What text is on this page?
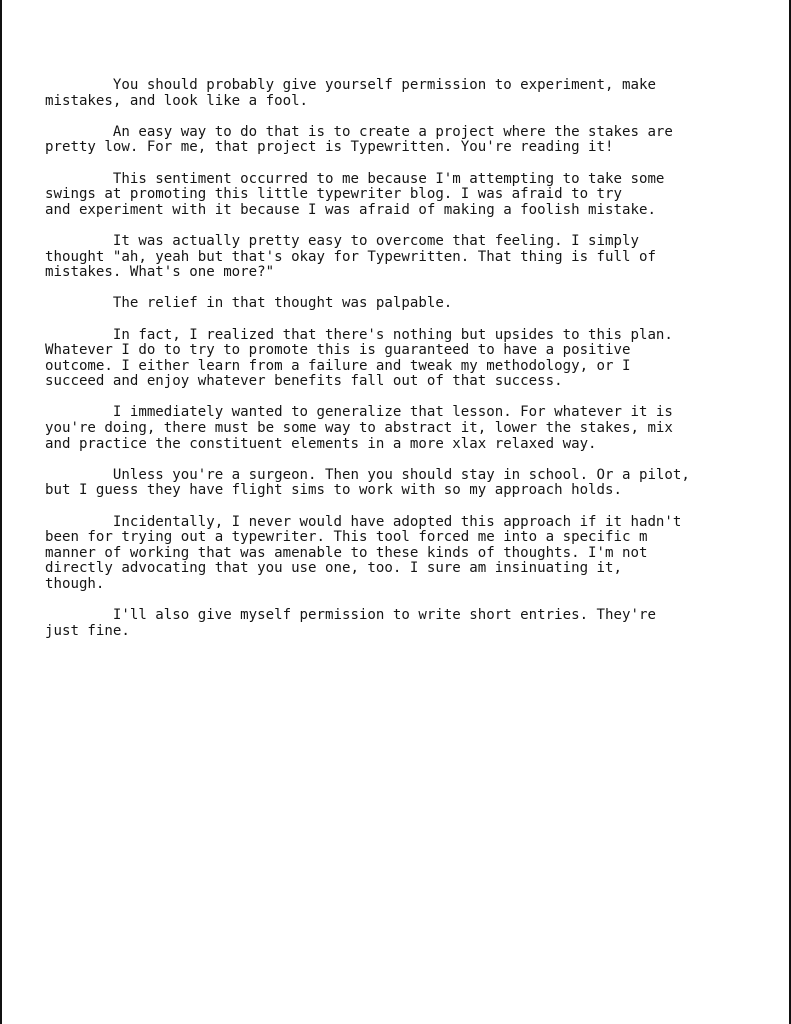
You should probably give yourself permission to experiment, make
mistakes, and look like a fool.

An easy way to do that is to create a project where the stakes are
pretty low. For me, that project is Typewritten. You're reading it!

This sentiment occurred to me because I'm attempting to take some
swings at promoting this little typewriter blog. I was afraid to try
and experiment with it because I was afraid of making a foolish mistake.

It was actually pretty easy to overcome that feeling. I simply
thought "ah, yeah but that's okay for Typewritten. That thing is full of
mistakes. What's one more?"

The relief in that thought was palpable.

In fact, I realized that there's nothing but upsides to this plan.
Whatever I do to try to promote this is guaranteed to have a positive
outcome. I either learn from a failure and tweak my methodology, or I
succeed and enjoy whatever benefits fall out of that success.

I immediately wanted to generalize that lesson. For whatever it is
you're doing, there must be some way to abstract it, lower the stakes, mix
and practice the constituent elements in a more xlax relaxed way.

Unless you're a surgeon. Then you should stay in school. Or a pilot,
but I guess they have flight sims to work with so my approach holds.

Incidentally, I never would have adopted this approach if it hadn't
been for trying out a typewriter. This tool forced me into a specific m
manner of working that was amenable to these kinds of thoughts. I'm not
directly advocating that you use one, too. I sure am insinuating it,
though.

I'll also give myself permission to write short entries. They're
just fine.
